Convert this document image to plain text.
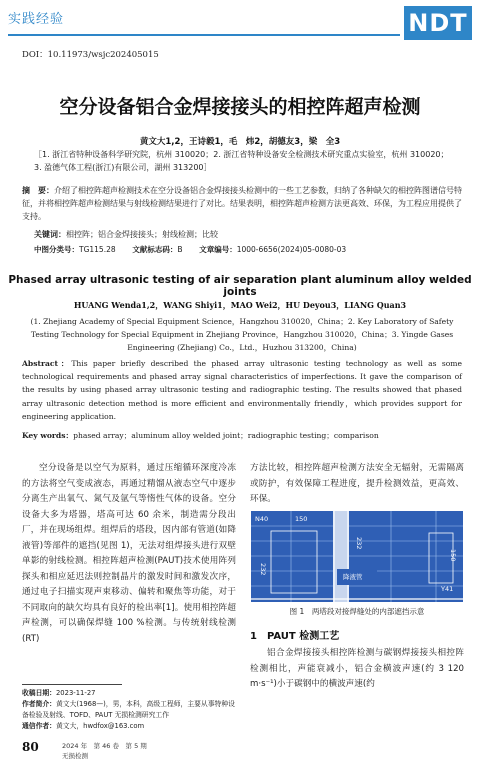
实践经验	NDT
DOI：10.11973/wsjc202405015
空分设备铝合金焊接接头的相控阵超声检测
黄文大1,2，王诗毅1，毛　炜2，胡德友3，梁　全3
［1. 浙江省特种设备科学研究院，杭州 310020；2. 浙江省特种设备安全检测技术研究重点实验室，杭州 310020；3. 盈德气体工程(浙江)有限公司，湖州 313200］
摘　要：介绍了相控阵超声检测技术在空分设备铝合金焊接接头检测中的一些工艺参数，归纳了各种缺欠的相控阵图谱信号特征，并将相控阵超声检测结果与射线检测结果进行了对比。结果表明，相控阵超声检测方法更高效、环保，为工程应用提供了支持。
关键词：相控阵；铝合金焊接接头；射线检测；比较
中图分类号：TG115.28 文献标志码：B 文章编号：1000-6656(2024)05-0080-03
Phased array ultrasonic testing of air separation plant aluminum alloy welded joints
HUANG Wenda1,2，WANG Shiyi1，MAO Wei2，HU Deyou3，LIANG Quan3
(1. Zhejiang Academy of Special Equipment Science，Hangzhou 310020，China；2. Key Laboratory of Safety Testing Technology for Special Equipment in Zhejiang Province，Hangzhou 310020，China；3. Yingde Gases Engineering (Zhejiang) Co.，Ltd.，Huzhou 313200，China)
Abstract：This paper briefly described the phased array ultrasonic testing technology as well as some technological requirements and phased array signal characteristics of imperfections. It gave the comparison of the results by using phased array ultrasonic testing and radiographic testing. The results showed that phased array ultrasonic detection method is more efficient and environmentally friendly，which provides support for engineering application.
Key words：phased array；aluminum alloy welded joint；radiographic testing；comparison
空分设备是以空气为原料，通过压缩循环深度冷冻的方法将空气变成液态，再通过精馏从液态空气中逐步分离生产出氧气、氮气及氩气等惰性气体的设备。空分设备大多为塔器，塔高可达 60 余米，制造需分段出厂，并在现场组焊。组焊后的塔段，因内部有管道(如降液管)等部件的遮挡(见图 1)，无法对组焊接头进行双壁单影的射线检测。相控阵超声检测(PAUT)技术使用阵列探头和相应延迟法则控制晶片的激发时间和激发次序，通过电子扫描实现声束移动、偏转和聚焦等功能，对于不同取向的缺欠均具有良好的检出率[1]。使用相控阵超声检测，可以确保焊缝 100 %检测。与传统射线检测(RT)
方法比较，相控阵超声检测方法安全无辐射，无需隔离或防护，有效保障工程进度，提升检测效益，更高效、环保。
N40	150
232
150
232
降液管
Y41
图 1　两塔段对接焊缝处的内部遮挡示意
1　PAUT 检测工艺
铝合金焊接接头相控阵检测与碳钢焊接接头相控阵检测相比，声能衰减小，铝合金横波声速(约 3 120 m·s⁻¹)小于碳钢中的横波声速(约
收稿日期：2023-11-27
作者简介：黄文大(1968—)，男，本科，高级工程师，主要从事特种设备检验及射线、TOFD、PAUT 无损检测研究工作
通信作者：黄文大，hwdfox@163.com
80	2024 年　第 46 卷　第 5 期
无损检测
